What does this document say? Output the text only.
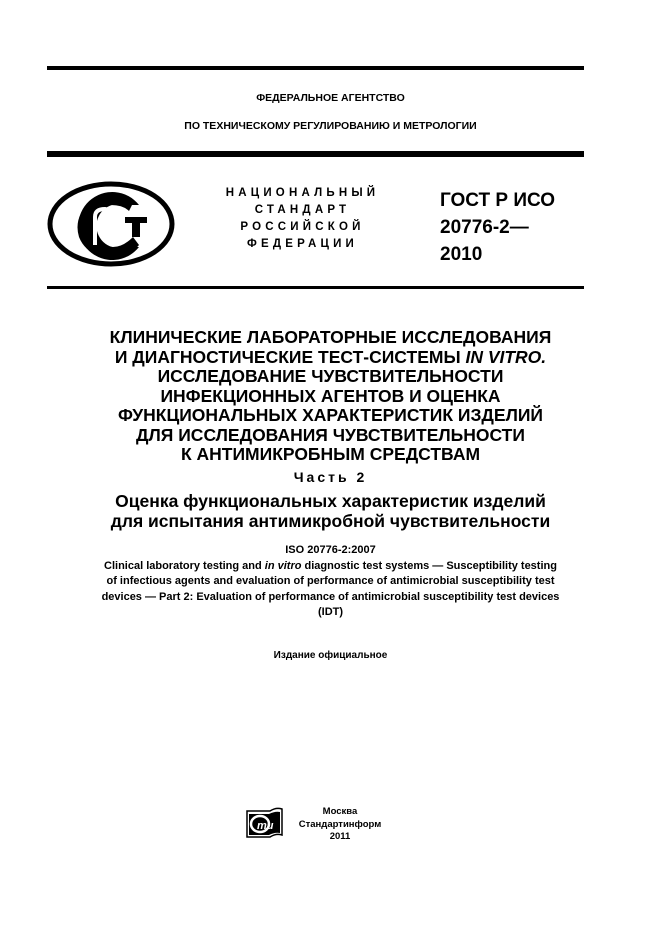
ФЕДЕРАЛЬНОЕ АГЕНТСТВО
ПО ТЕХНИЧЕСКОМУ РЕГУЛИРОВАНИЮ И МЕТРОЛОГИИ
НАЦИОНАЛЬНЫЙ
СТАНДАРТ
РОССИЙСКОЙ
ФЕДЕРАЦИИ
ГОСТ Р ИСО
20776-2—
2010
КЛИНИЧЕСКИЕ ЛАБОРАТОРНЫЕ ИССЛЕДОВАНИЯ
И ДИАГНОСТИЧЕСКИЕ ТЕСТ-СИСТЕМЫ IN VITRO.
ИССЛЕДОВАНИЕ ЧУВСТВИТЕЛЬНОСТИ
ИНФЕКЦИОННЫХ АГЕНТОВ И ОЦЕНКА
ФУНКЦИОНАЛЬНЫХ ХАРАКТЕРИСТИК ИЗДЕЛИЙ
ДЛЯ ИССЛЕДОВАНИЯ ЧУВСТВИТЕЛЬНОСТИ
К АНТИМИКРОБНЫМ СРЕДСТВАМ
Часть 2
Оценка функциональных характеристик изделий
для испытания антимикробной чувствительности
ISO 20776-2:2007
Clinical laboratory testing and in vitro diagnostic test systems — Susceptibility testing
of infectious agents and evaluation of performance of antimicrobial susceptibility test
devices — Part 2: Evaluation of performance of antimicrobial susceptibility test devices
(IDT)
Издание официальное
ти
Москва
Стандартинформ
2011
